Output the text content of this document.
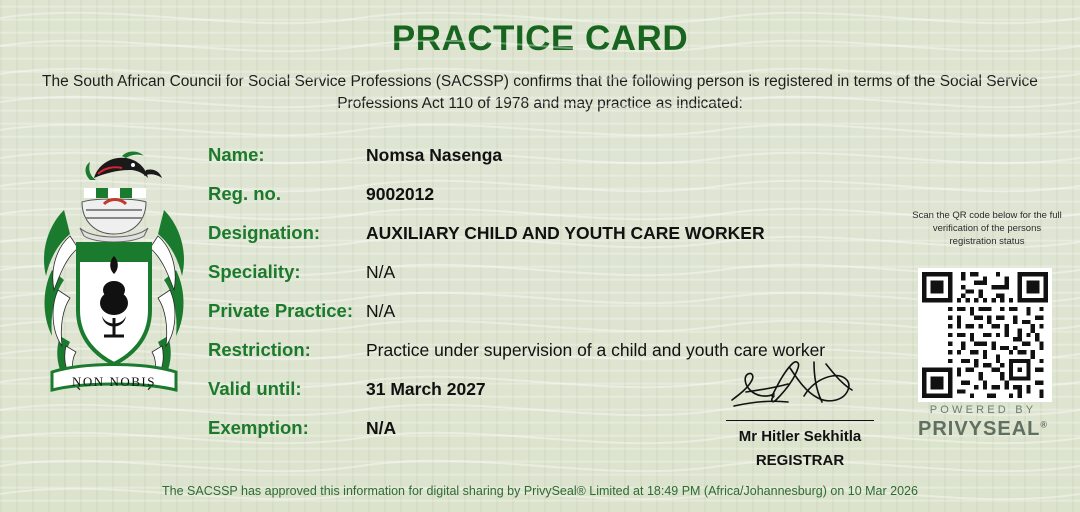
PRACTICE CARD
The South African Council for Social Service Professions (SACSSP) confirms that the following person is registered in terms of the Social Service Professions Act 110 of 1978 and may practice as indicated:
NON NOBIS
Name:	Nomsa Nasenga
Reg. no.	9002012
Designation:	AUXILIARY CHILD AND YOUTH CARE WORKER
Speciality:	N/A
Private Practice: N/A
Restriction:	Practice under supervision of a child and youth care worker
Valid until:	31 March 2027
Exemption:	N/A
Scan the QR code below for the full verification of the persons registration status
POWERED BY
PRIVYSEAL®
Mr Hitler Sekhitla
REGISTRAR
The SACSSP has approved this information for digital sharing by PrivySeal® Limited at 18:49 PM (Africa/Johannesburg) on 10 Mar 2026
